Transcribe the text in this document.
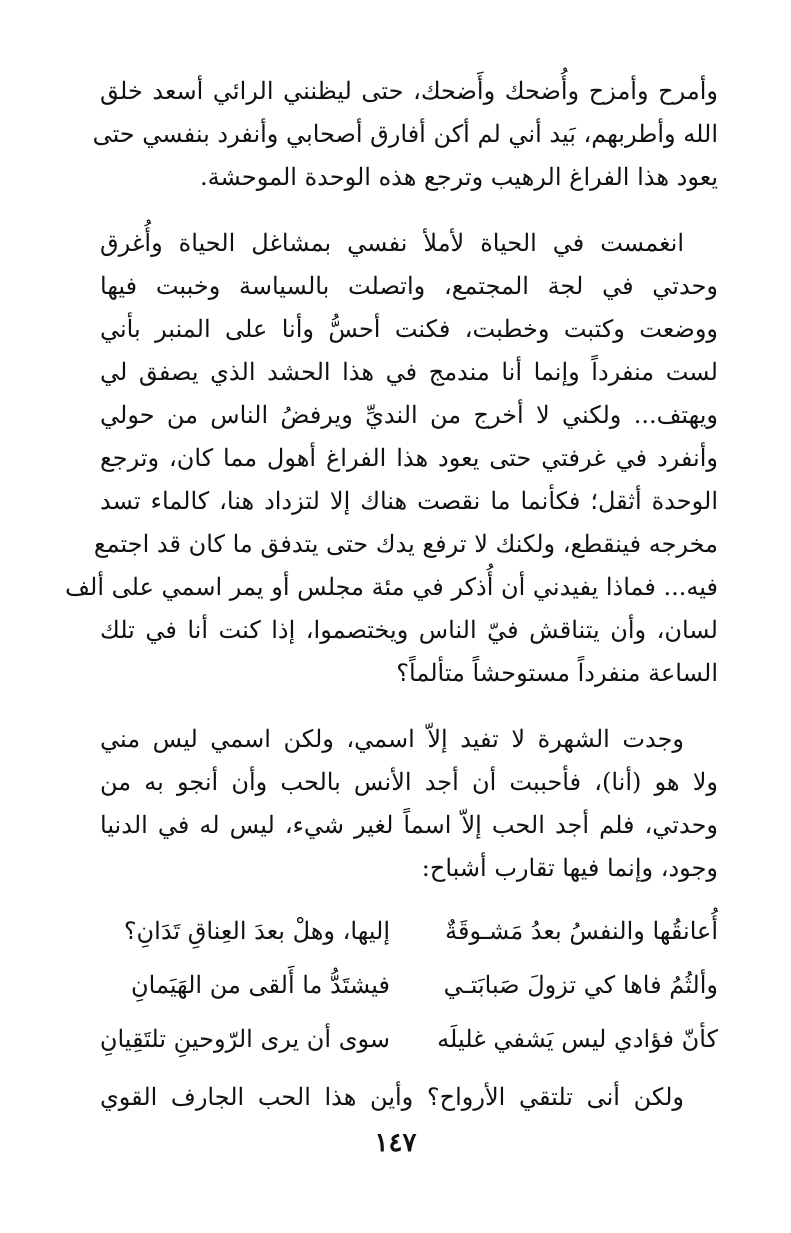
وأمرح وأمزح وأُضحك وأَضحك، حتى ليظنني الرائي أسعد خلق
الله وأطربهم، بَيد أني لم أكن أفارق أصحابي وأنفرد بنفسي حتى
يعود هذا الفراغ الرهيب وترجع هذه الوحدة الموحشة.
انغمست في الحياة لأملأ نفسي بمشاغل الحياة وأُغرق
وحدتي في لجة المجتمع، واتصلت بالسياسة وخببت فيها
ووضعت وكتبت وخطبت، فكنت أحسُّ وأنا على المنبر بأني
لست منفرداً وإنما أنا مندمج في هذا الحشد الذي يصفق لي
ويهتف... ولكني لا أخرج من النديِّ ويرفضُ الناس من حولي
وأنفرد في غرفتي حتى يعود هذا الفراغ أهول مما كان، وترجع
الوحدة أثقل؛ فكأنما ما نقصت هناك إلا لتزداد هنا، كالماء تسد
مخرجه فينقطع، ولكنك لا ترفع يدك حتى يتدفق ما كان قد اجتمع
فيه... فماذا يفيدني أن أُذكر في مئة مجلس أو يمر اسمي على ألف
لسان، وأن يتناقش فيّ الناس ويختصموا، إذا كنت أنا في تلك
الساعة منفرداً مستوحشاً متألماً؟
وجدت الشهرة لا تفيد إلاّ اسمي، ولكن اسمي ليس مني
ولا هو (أنا)، فأحببت أن أجد الأنس بالحب وأن أنجو به من
وحدتي، فلم أجد الحب إلاّ اسماً لغير شيء، ليس له في الدنيا
وجود، وإنما فيها تقارب أشباح:
أُعانقُها والنفسُ بعدُ مَشـوقَةٌ
إليها، وهلْ بعدَ العِناقِ تَدَانِ؟
وألثُمُ فاها كي تزولَ صَبابَتـي
فيشتَدُّ ما أَلقى من الهَيَمانِ
كأنّ فؤادي ليس يَشفي غليلَه
سوى أن يرى الرّوحينِ تلتَقِيانِ
ولكن أنى تلتقي الأرواح؟ وأين هذا الحب الجارف القوي
١٤٧
